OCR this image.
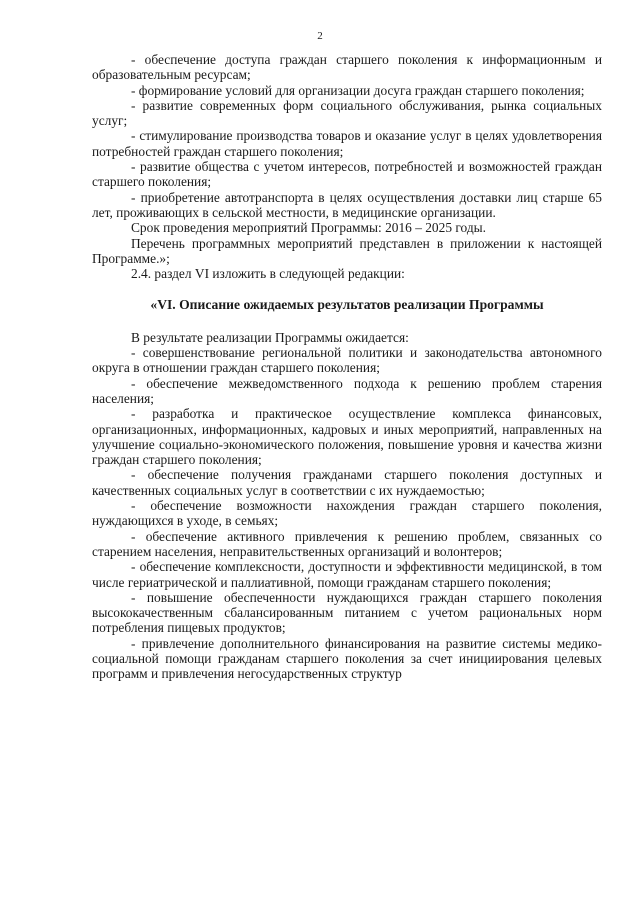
2

- обеспечение доступа граждан старшего поколения к информационным и образовательным ресурсам;

- формирование условий для организации досуга граждан старшего поколения;

- развитие современных форм социального обслуживания, рынка социальных услуг;

- стимулирование производства товаров и оказание услуг в целях удовлетворения потребностей граждан старшего поколения;

- развитие общества с учетом интересов, потребностей и возможностей граждан старшего поколения;

- приобретение автотранспорта в целях осуществления доставки лиц старше 65 лет, проживающих в сельской местности, в медицинские организации.

Срок проведения мероприятий Программы: 2016 – 2025 годы.

Перечень программных мероприятий представлен в приложении к настоящей Программе.»;

2.4. раздел VI изложить в следующей редакции:

«VI. Описание ожидаемых результатов реализации Программы

В результате реализации Программы ожидается:

- совершенствование региональной политики и законодательства автономного округа в отношении граждан старшего поколения;

- обеспечение межведомственного подхода к решению проблем старения населения;

- разработка и практическое осуществление комплекса финансовых, организационных, информационных, кадровых и иных мероприятий, направленных на улучшение социально-экономического положения, повышение уровня и качества жизни граждан старшего поколения;

- обеспечение получения гражданами старшего поколения доступных и качественных социальных услуг в соответствии с их нуждаемостью;

- обеспечение возможности нахождения граждан старшего поколения, нуждающихся в уходе, в семьях;

- обеспечение активного привлечения к решению проблем, связанных со старением населения, неправительственных организаций и волонтеров;

- обеспечение комплексности, доступности и эффективности медицинской, в том числе гериатрической и паллиативной, помощи гражданам старшего поколения;

- повышение обеспеченности нуждающихся граждан старшего поколения высококачественным сбалансированным питанием с учетом рациональных норм потребления пищевых продуктов;

- привлечение дополнительного финансирования на развитие системы медико-социальной помощи гражданам старшего поколения за счет инициирования целевых программ и привлечения негосударственных структур
